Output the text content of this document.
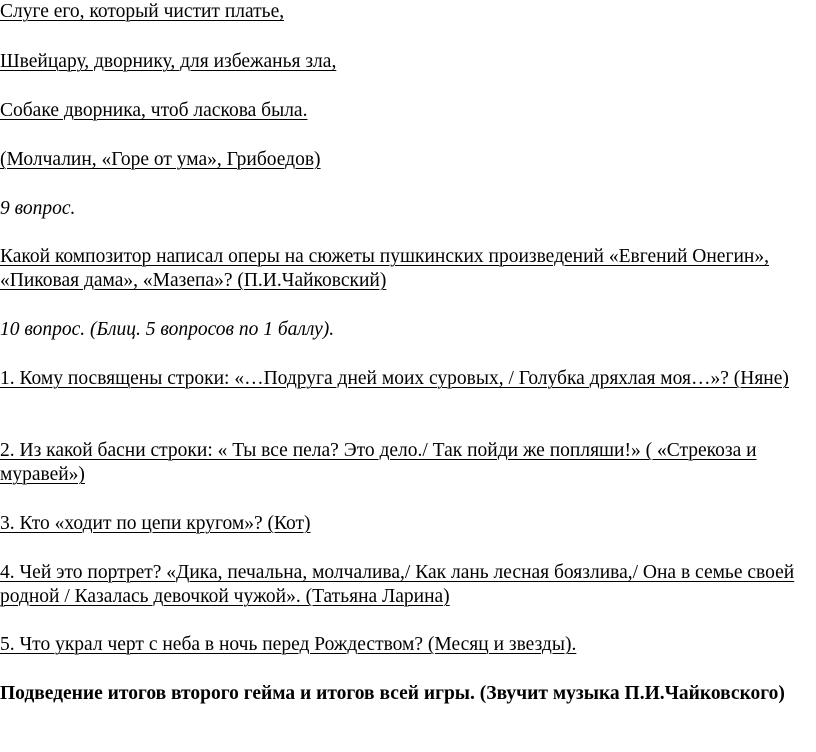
Слуге его, который чистит платье,

Швейцару, дворнику, для избежанья зла,

Собаке дворника, чтоб ласкова была.

(Молчалин, «Горе от ума», Грибоедов)

9 вопрос.

Какой композитор написал оперы на сюжеты пушкинских произведений «Евгений Онегин», «Пиковая дама», «Мазепа»? (П.И.Чайковский)

10 вопрос. (Блиц. 5 вопросов по 1 баллу).

1. Кому посвящены строки: «…Подруга дней моих суровых, / Голубка дряхлая моя…»? (Няне)

2. Из какой басни строки: « Ты все пела? Это дело./ Так пойди же попляши!» ( «Стрекоза и муравей»)

3. Кто «ходит по цепи кругом»? (Кот)

4. Чей это портрет? «Дика, печальна, молчалива,/ Как лань лесная боязлива,/ Она в семье своей родной / Казалась девочкой чужой». (Татьяна Ларина)

5. Что украл черт с неба в ночь перед Рождеством? (Месяц и звезды).

Подведение итогов второго гейма и итогов всей игры. (Звучит музыка П.И.Чайковского)
